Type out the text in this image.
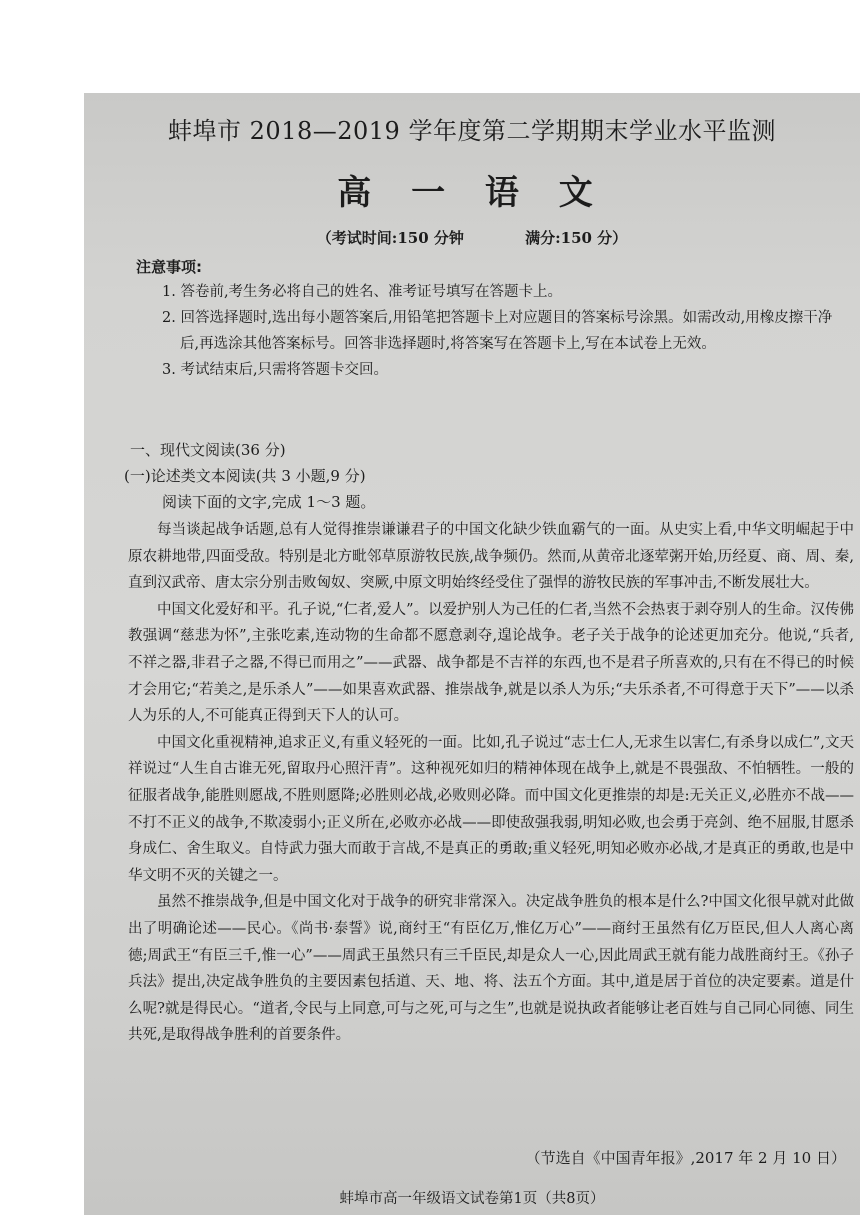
蚌埠市 2018—2019 学年度第二学期期末学业水平监测
高 一 语 文
（考试时间:150 分钟	满分:150 分）
注意事项:
1. 答卷前,考生务必将自己的姓名、准考证号填写在答题卡上。
2. 回答选择题时,选出每小题答案后,用铅笔把答题卡上对应题目的答案标号涂黑。如需改动,用橡皮擦干净后,再选涂其他答案标号。回答非选择题时,将答案写在答题卡上,写在本试卷上无效。
3. 考试结束后,只需将答题卡交回。
一、现代文阅读(36 分)
(一)论述类文本阅读(共 3 小题,9 分)
阅读下面的文字,完成 1～3 题。

每当谈起战争话题,总有人觉得推崇谦谦君子的中国文化缺少铁血霸气的一面。从史实上看,中华文明崛起于中原农耕地带,四面受敌。特别是北方毗邻草原游牧民族,战争频仍。然而,从黄帝北逐荤粥开始,历经夏、商、周、秦,直到汉武帝、唐太宗分别击败匈奴、突厥,中原文明始终经受住了强悍的游牧民族的军事冲击,不断发展壮大。

中国文化爱好和平。孔子说,“仁者,爱人”。以爱护别人为己任的仁者,当然不会热衷于剥夺别人的生命。汉传佛教强调“慈悲为怀”,主张吃素,连动物的生命都不愿意剥夺,遑论战争。老子关于战争的论述更加充分。他说,“兵者,不祥之器,非君子之器,不得已而用之”——武器、战争都是不吉祥的东西,也不是君子所喜欢的,只有在不得已的时候才会用它;“若美之,是乐杀人”——如果喜欢武器、推崇战争,就是以杀人为乐;“夫乐杀者,不可得意于天下”——以杀人为乐的人,不可能真正得到天下人的认可。

中国文化重视精神,追求正义,有重义轻死的一面。比如,孔子说过“志士仁人,无求生以害仁,有杀身以成仁”,文天祥说过“人生自古谁无死,留取丹心照汗青”。这种视死如归的精神体现在战争上,就是不畏强敌、不怕牺牲。一般的征服者战争,能胜则愿战,不胜则愿降;必胜则必战,必败则必降。而中国文化更推崇的却是:无关正义,必胜亦不战——不打不正义的战争,不欺凌弱小;正义所在,必败亦必战——即使敌强我弱,明知必败,也会勇于亮剑、绝不屈服,甘愿杀身成仁、舍生取义。自恃武力强大而敢于言战,不是真正的勇敢;重义轻死,明知必败亦必战,才是真正的勇敢,也是中华文明不灭的关键之一。

虽然不推崇战争,但是中国文化对于战争的研究非常深入。决定战争胜负的根本是什么?中国文化很早就对此做出了明确论述——民心。《尚书·泰誓》说,商纣王“有臣亿万,惟亿万心”——商纣王虽然有亿万臣民,但人人离心离德;周武王“有臣三千,惟一心”——周武王虽然只有三千臣民,却是众人一心,因此周武王就有能力战胜商纣王。《孙子兵法》提出,决定战争胜负的主要因素包括道、天、地、将、法五个方面。其中,道是居于首位的决定要素。道是什么呢?就是得民心。“道者,令民与上同意,可与之死,可与之生”,也就是说执政者能够让老百姓与自己同心同德、同生共死,是取得战争胜利的首要条件。

（节选自《中国青年报》,2017 年 2 月 10 日）
蚌埠市高一年级语文试卷第1页（共8页）
